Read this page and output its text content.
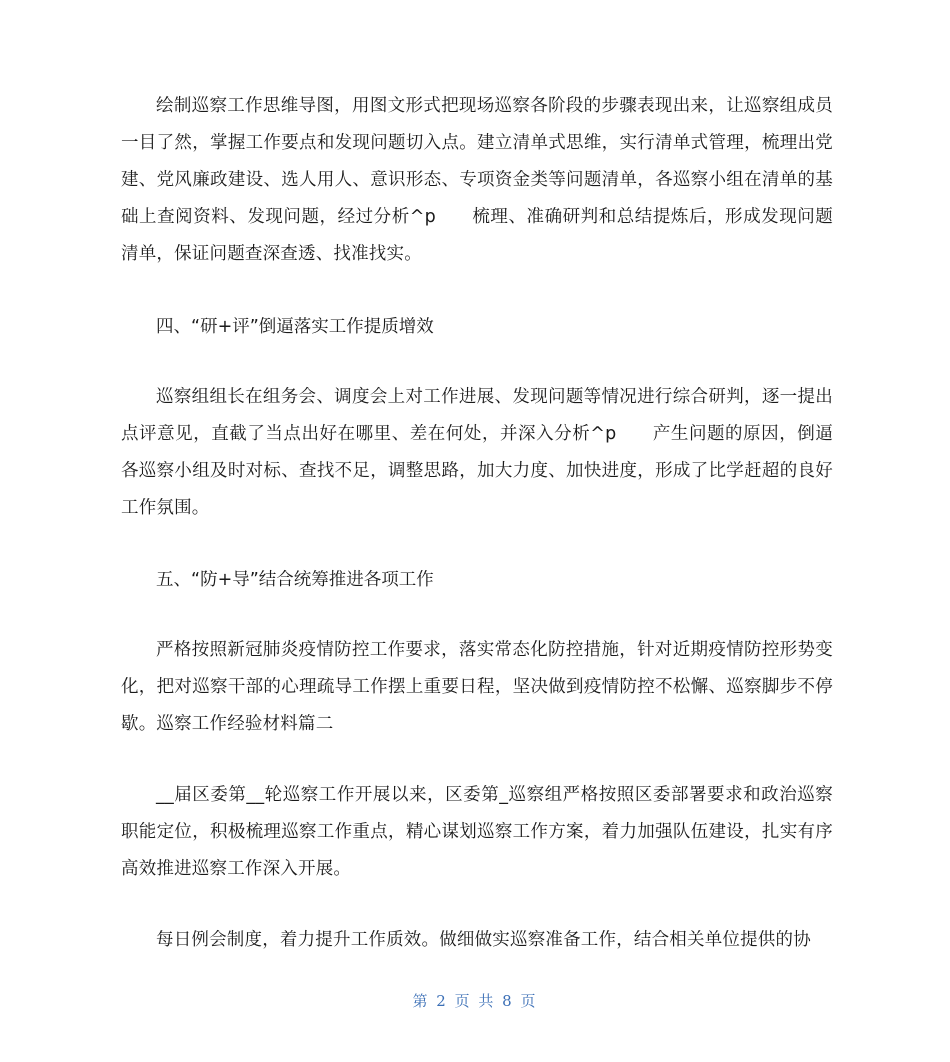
绘制巡察工作思维导图，用图文形式把现场巡察各阶段的步骤表现出来，让巡察组成员一目了然，掌握工作要点和发现问题切入点。建立清单式思维，实行清单式管理，梳理出党建、党风廉政建设、选人用人、意识形态、专项资金类等问题清单，各巡察小组在清单的基础上查阅资料、发现问题，经过分析^p　　梳理、准确研判和总结提炼后，形成发现问题清单，保证问题查深查透、找准找实。

四、“研+评”倒逼落实工作提质增效

巡察组组长在组务会、调度会上对工作进展、发现问题等情况进行综合研判，逐一提出点评意见，直截了当点出好在哪里、差在何处，并深入分析^p　　产生问题的原因，倒逼各巡察小组及时对标、查找不足，调整思路，加大力度、加快进度，形成了比学赶超的良好工作氛围。

五、“防+导”结合统筹推进各项工作

严格按照新冠肺炎疫情防控工作要求，落实常态化防控措施，针对近期疫情防控形势变化，把对巡察干部的心理疏导工作摆上重要日程，坚决做到疫情防控不松懈、巡察脚步不停歇。巡察工作经验材料篇二

__届区委第__轮巡察工作开展以来，区委第_巡察组严格按照区委部署要求和政治巡察职能定位，积极梳理巡察工作重点，精心谋划巡察工作方案，着力加强队伍建设，扎实有序高效推进巡察工作深入开展。

每日例会制度，着力提升工作质效。做细做实巡察准备工作，结合相关单位提供的协

第 2 页 共 8 页
